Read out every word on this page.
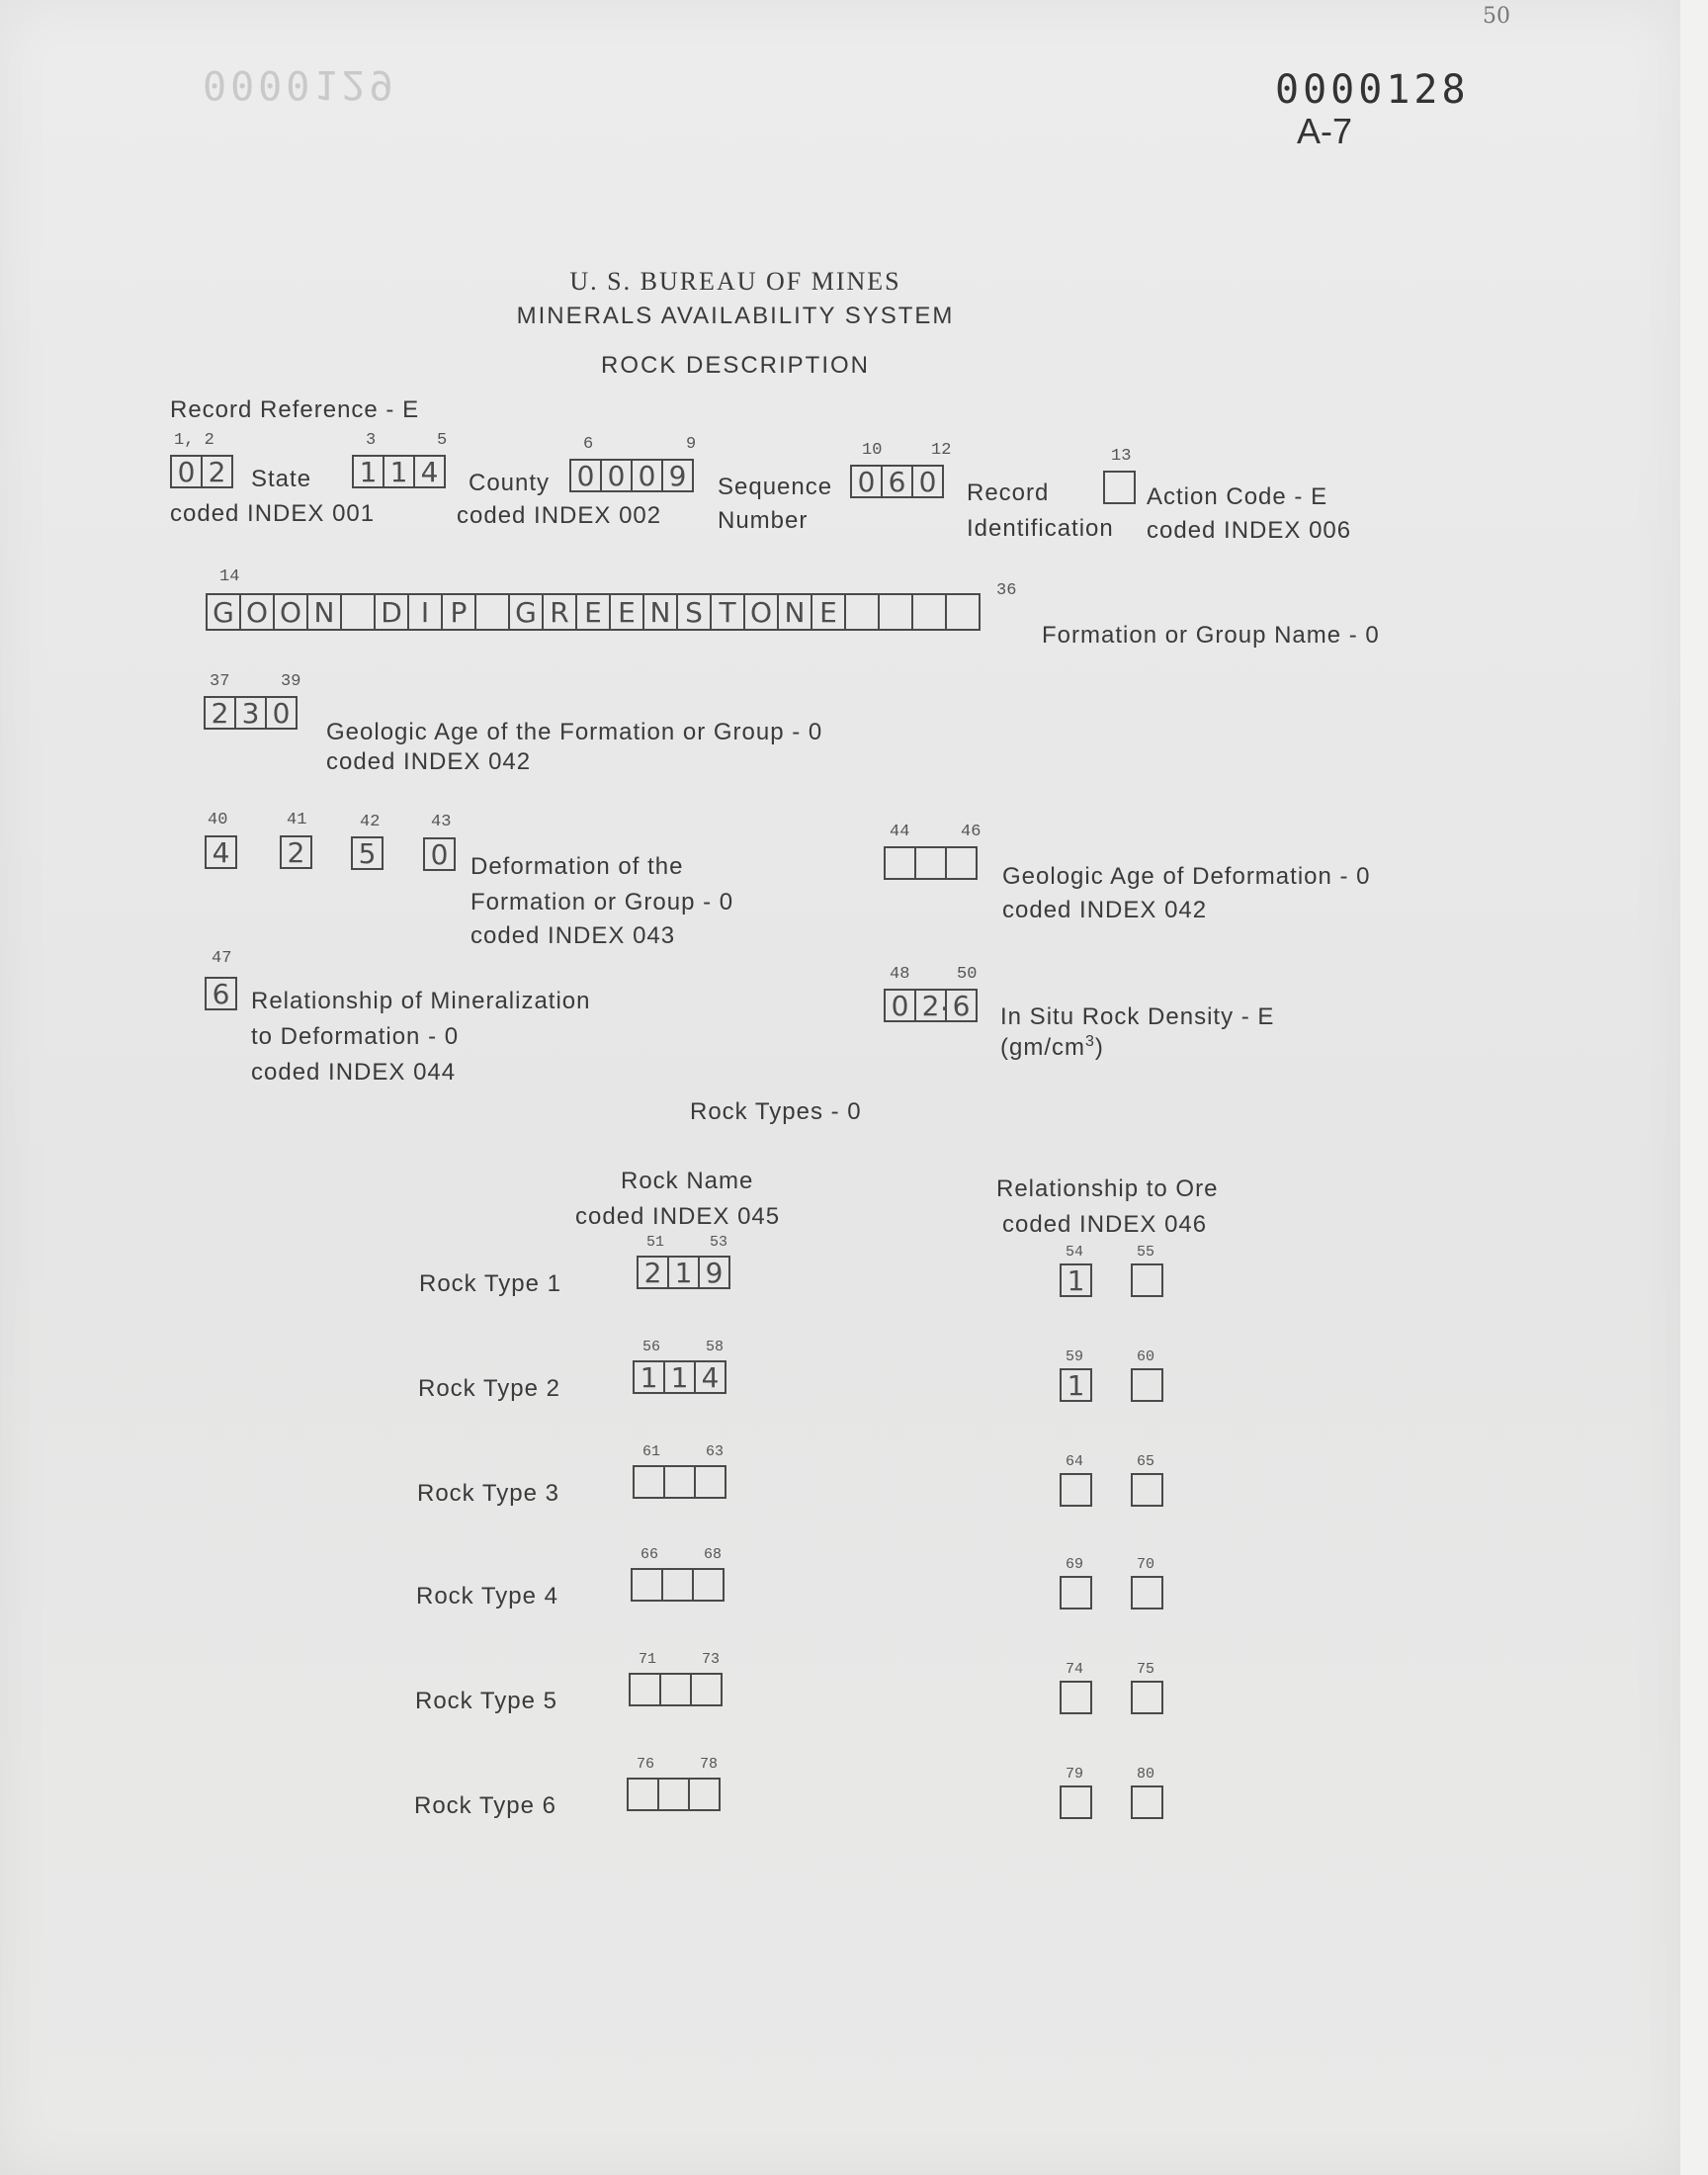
50
0000129	0000128
A-7
U. S. BUREAU OF MINES
MINERALS AVAILABILITY SYSTEM
ROCK DESCRIPTION
Record Reference - E
1, 2
0 2	State
coded INDEX 001
3	5
1 1 4	County
coded INDEX 002
6	9
0 0 0 9	Sequence
Number
10	12
0 6 0	Record
Identification
13
Action Code - E
coded INDEX 006
14
36
G O O N D I P	G R E E N S T O N E
Formation or Group Name - 0
37	39
2 3 0
Geologic Age of the Formation or Group - 0
coded INDEX 042
40
4
41
2
42
5
43
0 Deformation of the
Formation or Group - 0
coded INDEX 043
44	46
Geologic Age of Deformation - 0
coded INDEX 042
47
6 Relationship of Mineralization
to Deformation - 0
coded INDEX 044
48	50
0 2 6
. In Situ Rock Density - E
$(gm/cm^3)$
Rock Types - 0
Rock Name
coded INDEX 045
Relationship to Ore
coded INDEX 046
Rock Type 1
51	53
2 1 9
54
1
55
Rock Type 2
56	58
1 1 4
59
1
60
Rock Type 3
61	63
64	65
Rock Type 4
66	68
69	70
Rock Type 5
71	73
74	75
Rock Type 6
76	78
79	80
